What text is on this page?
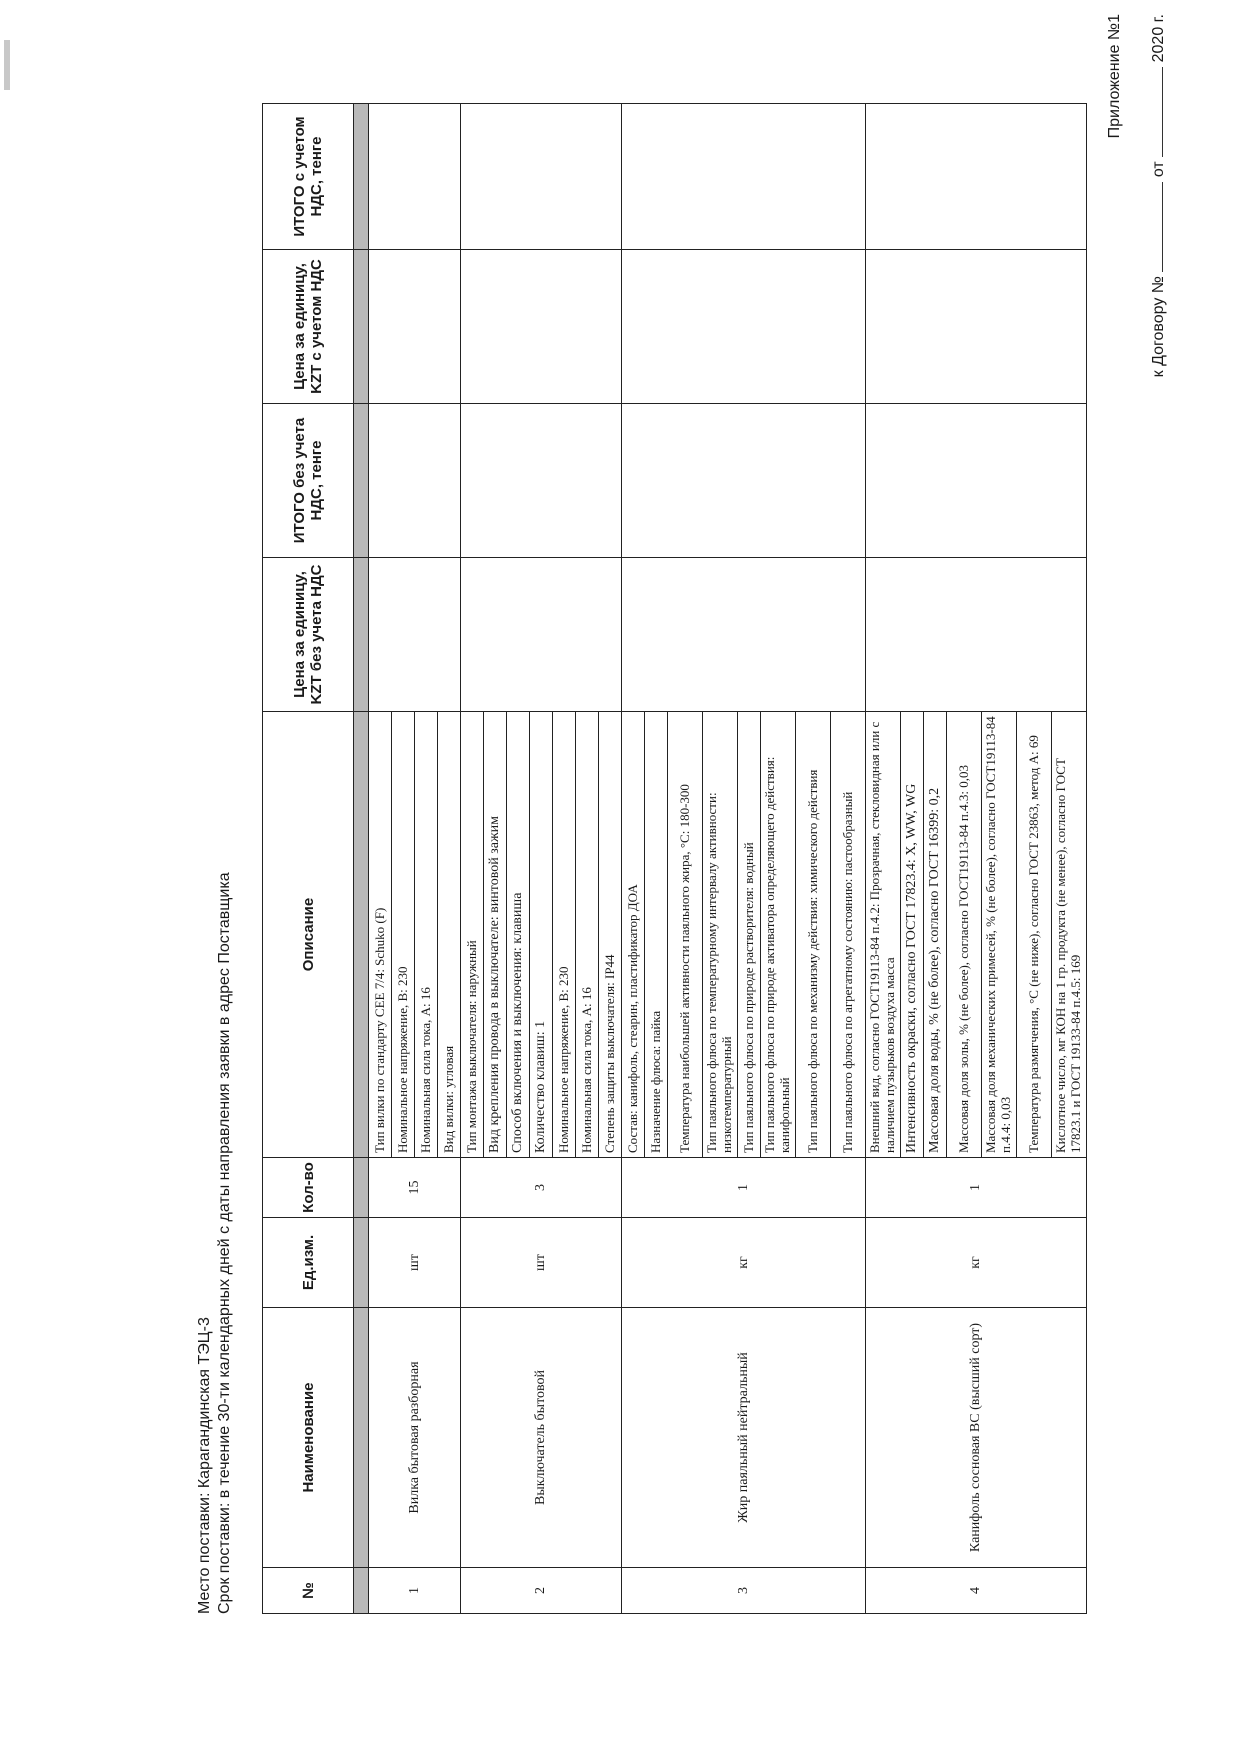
Приложение №1
к Договору №  от  2020 г.
Место поставки: Карагандинская ТЭЦ-3 Срок поставки: в течение 30-ти календарных дней с даты направления заявки в адрес Поставщика	№	Наименование	Ед.изм.	Кол-во	Описание	Цена за единицу, KZT без учета НДС	ИТОГО без учета НДС, тенге	Цена за единицу, KZT с учетом НДС	ИТОГО с учетом НДС, тенге

1	Вилка бытовая разборная	шт	15	Тип вилки по стандарту CEE 7/4: Schuko (F)				
				Номинальное напряжение, В: 230				
				Номинальная сила тока, А: 16				
				Вид вилки: угловая				
2	Выключатель бытовой	шт	3	Тип монтажа выключателя: наружный				
				Вид крепления провода в выключателе: винтовой зажим				
				Способ включения и выключения: клавиша				
				Количество клавиш: 1				
				Номинальное напряжение, В: 230				
				Номинальная сила тока, А: 16				
				Степень защиты выключателя: IP44				
3	Жир паяльный нейтральный	кг	1	Состав: канифоль, стеарин, пластификатор ДОА				
				Назначение флюса: пайка				
				Температура наибольшей активности паяльного жира, °С: 180-300				
				Тип паяльного флюса по температурному интервалу активности: низкотемпературный				
				Тип паяльного флюса по природе растворителя: водный				
				Тип паяльного флюса по природе активатора определяющего действия: канифольный				
				Тип паяльного флюса по механизму действия: химического действия				
				Тип паяльного флюса по агрегатному состоянию: пастообразный				
4	Канифоль сосновая ВС (высший сорт)	кг	1	Внешний вид, согласно ГОСТ19113-84 п.4.2: Прозрачная, стекловидная или с наличием пузырьков воздуха масса				
				Интенсивность окраски, согласно ГОСТ 17823.4: X, WW, WG				
				Массовая доля воды, % (не более), согласно ГОСТ 16399: 0,2				
				Массовая доля золы, % (не более), согласно ГОСТ19113-84 п.4.3: 0,03				
				Массовая доля механических примесей, % (не более), согласно ГОСТ19113-84 п.4.4: 0,03				
				Температура размягчения, °С (не ниже), согласно ГОСТ 23863, метод А: 69				
				Кислотное число, мг КОН на 1 гр. продукта (не менее), согласно ГОСТ 17823.1 и ГОСТ 19133-84 п.4.5: 169				
